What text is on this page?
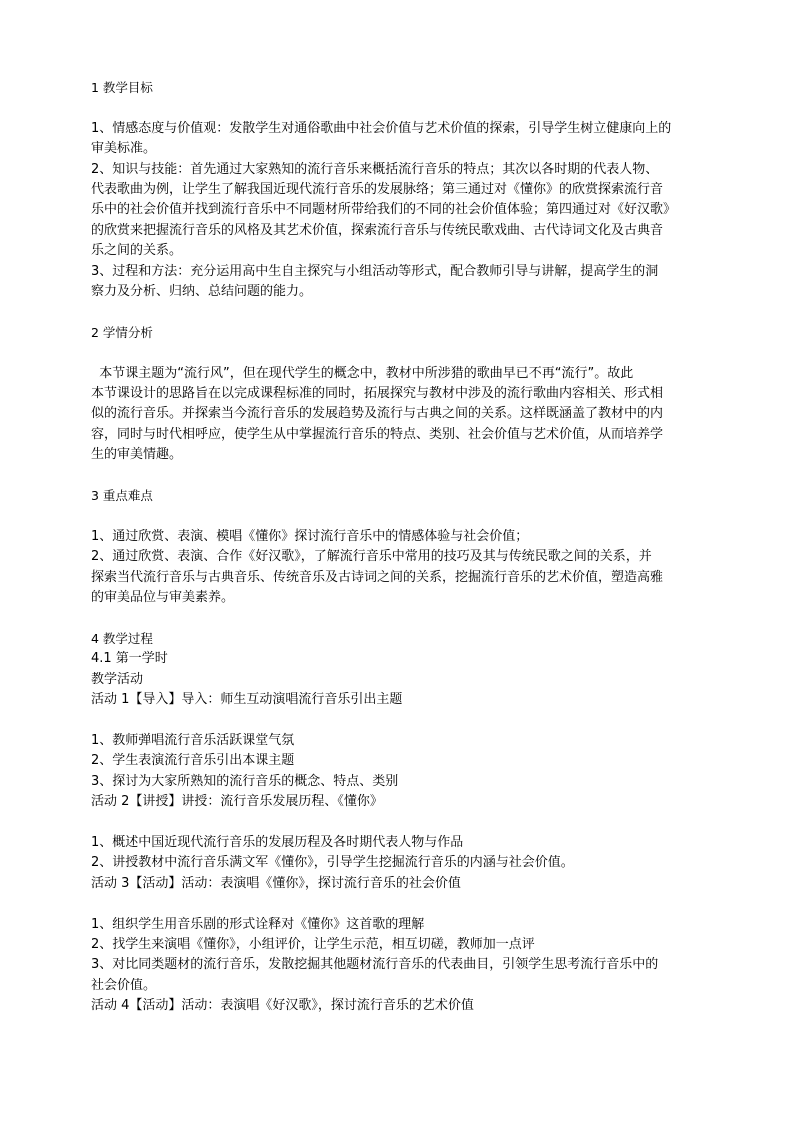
1 教学目标
1、情感态度与价值观：发散学生对通俗歌曲中社会价值与艺术价值的探索，引导学生树立健康向上的
审美标准。
2、知识与技能：首先通过大家熟知的流行音乐来概括流行音乐的特点；其次以各时期的代表人物、
代表歌曲为例，让学生了解我国近现代流行音乐的发展脉络；第三通过对《懂你》的欣赏探索流行音
乐中的社会价值并找到流行音乐中不同题材所带给我们的不同的社会价值体验；第四通过对《好汉歌》
的欣赏来把握流行音乐的风格及其艺术价值，探索流行音乐与传统民歌戏曲、古代诗词文化及古典音
乐之间的关系。
3、过程和方法：充分运用高中生自主探究与小组活动等形式，配合教师引导与讲解，提高学生的洞
察力及分析、归纳、总结问题的能力。
2 学情分析
本节课主题为“流行风”，但在现代学生的概念中，教材中所涉猎的歌曲早已不再“流行”。故此
本节课设计的思路旨在以完成课程标准的同时，拓展探究与教材中涉及的流行歌曲内容相关、形式相
似的流行音乐。并探索当今流行音乐的发展趋势及流行与古典之间的关系。这样既涵盖了教材中的内
容，同时与时代相呼应，使学生从中掌握流行音乐的特点、类别、社会价值与艺术价值，从而培养学
生的审美情趣。
3 重点难点
1、通过欣赏、表演、模唱《懂你》探讨流行音乐中的情感体验与社会价值；
2、通过欣赏、表演、合作《好汉歌》，了解流行音乐中常用的技巧及其与传统民歌之间的关系，并
探索当代流行音乐与古典音乐、传统音乐及古诗词之间的关系，挖掘流行音乐的艺术价值，塑造高雅
的审美品位与审美素养。
4 教学过程
4.1 第一学时
教学活动
活动 1【导入】导入：师生互动演唱流行音乐引出主题
1、教师弹唱流行音乐活跃课堂气氛
2、学生表演流行音乐引出本课主题
3、探讨为大家所熟知的流行音乐的概念、特点、类别
活动 2【讲授】讲授：流行音乐发展历程、《懂你》
1、概述中国近现代流行音乐的发展历程及各时期代表人物与作品
2、讲授教材中流行音乐满文军《懂你》，引导学生挖掘流行音乐的内涵与社会价值。
活动 3【活动】活动：表演唱《懂你》，探讨流行音乐的社会价值
1、组织学生用音乐剧的形式诠释对《懂你》这首歌的理解
2、找学生来演唱《懂你》，小组评价，让学生示范，相互切磋，教师加一点评
3、对比同类题材的流行音乐，发散挖掘其他题材流行音乐的代表曲目，引领学生思考流行音乐中的
社会价值。
活动 4【活动】活动：表演唱《好汉歌》，探讨流行音乐的艺术价值
